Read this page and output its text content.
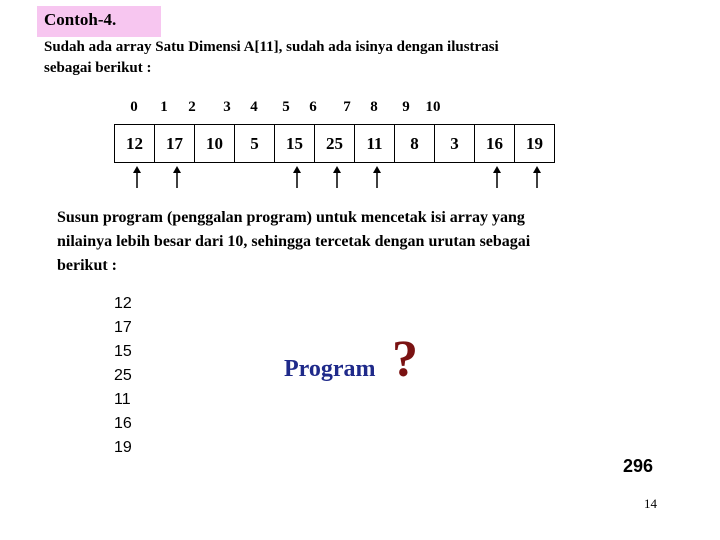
Contoh-4.
Sudah ada array Satu Dimensi A[11], sudah ada isinya dengan ilustrasi
sebagai berikut :
0 1 2 3 4 5 6 7 8 9 10
12	17	10	5	15	25	11	8	3	16	19
Susun program (penggalan program) untuk mencetak isi array yang
nilainya lebih besar dari 10, sehingga tercetak dengan urutan sebagai
berikut :
12
17
15
25
11
16
19
Program ?
296
14
